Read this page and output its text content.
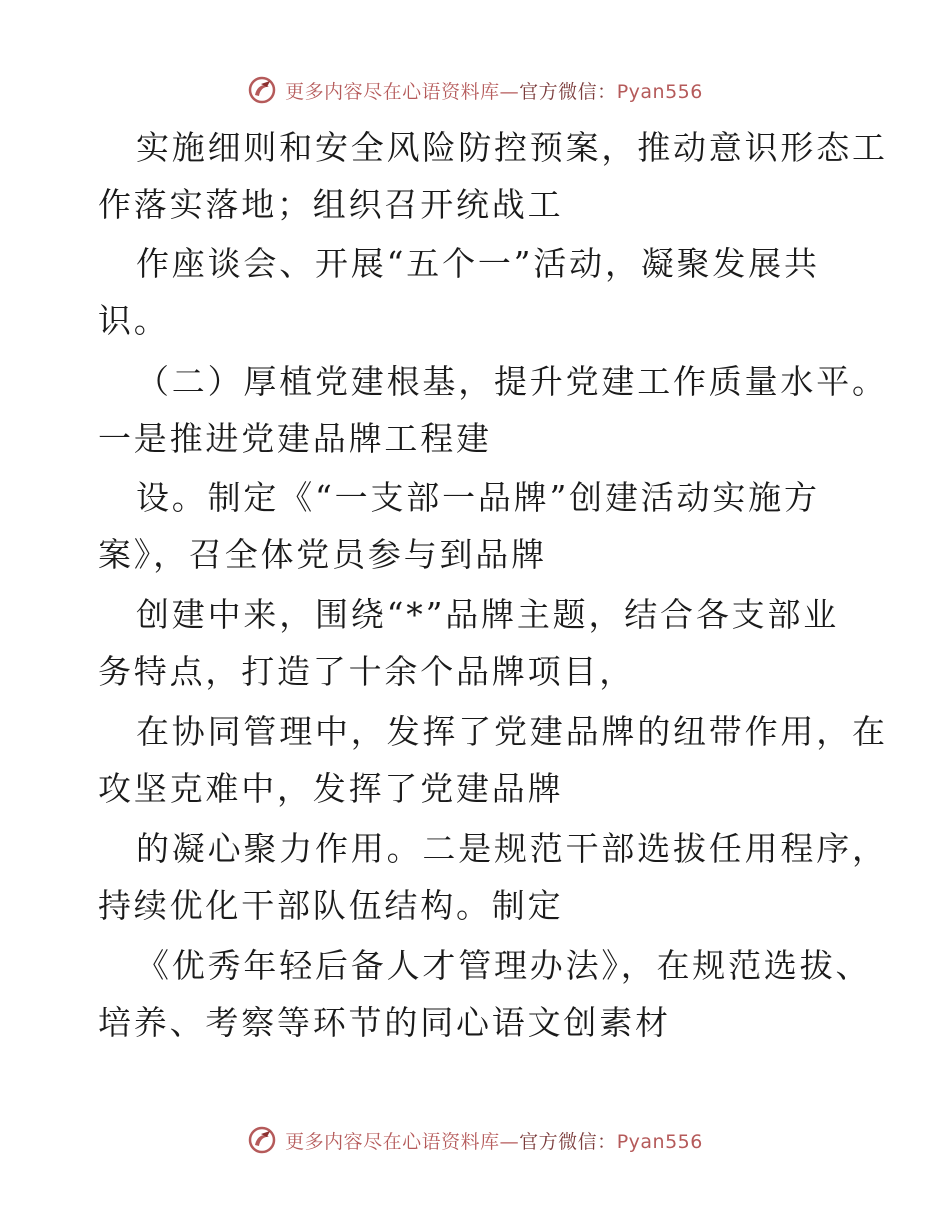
更多内容尽在心语资料库—官方微信：Pyan556
实施细则和安全风险防控预案，推动意识形态工
作落实落地；组织召开统战工
作座谈会、开展“五个一”活动，凝聚发展共
识。
（二）厚植党建根基，提升党建工作质量水平。
一是推进党建品牌工程建
设。制定《“一支部一品牌”创建活动实施方
案》，召全体党员参与到品牌
创建中来，围绕“*”品牌主题，结合各支部业
务特点，打造了十余个品牌项目，
在协同管理中，发挥了党建品牌的纽带作用，在
攻坚克难中，发挥了党建品牌
的凝心聚力作用。二是规范干部选拔任用程序，
持续优化干部队伍结构。制定
《优秀年轻后备人才管理办法》，在规范选拔、
培养、考察等环节的同心语文创素材
更多内容尽在心语资料库—官方微信：Pyan556
